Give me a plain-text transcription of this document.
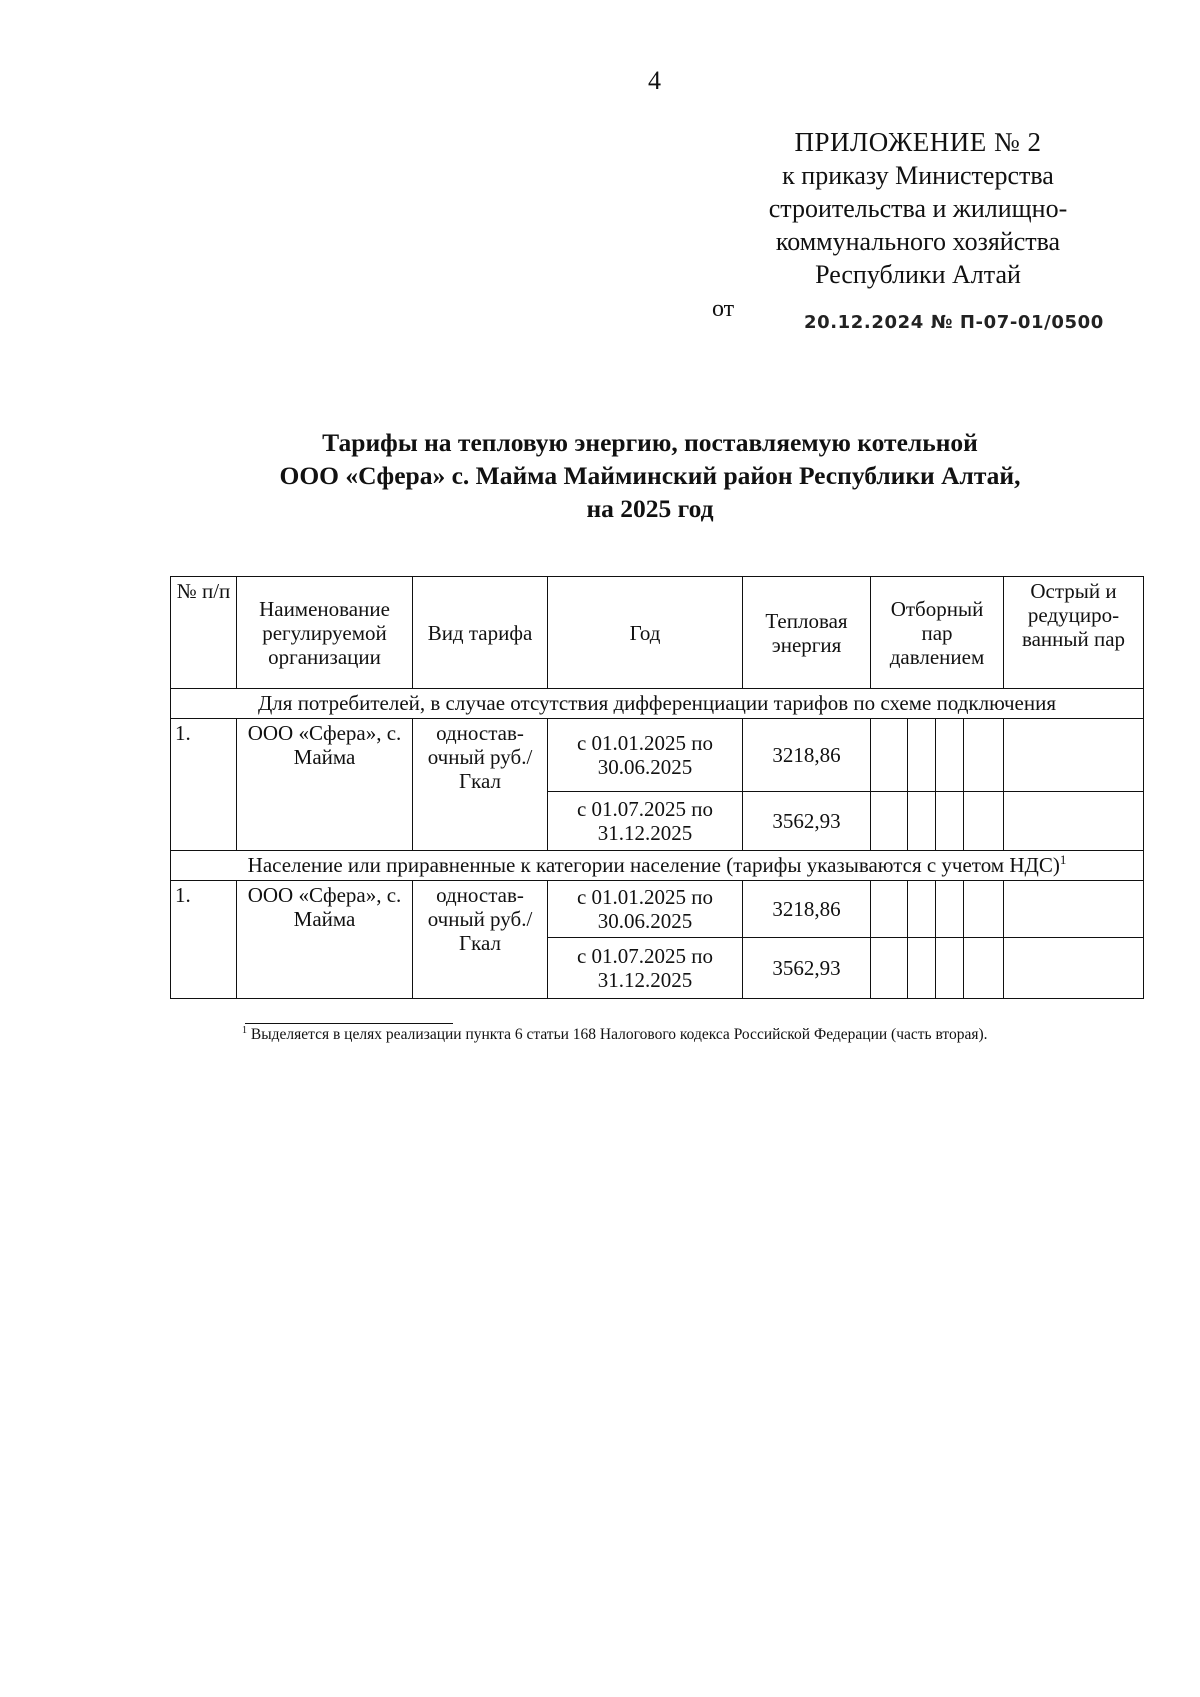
4
ПРИЛОЖЕНИЕ № 2
к приказу Министерства
строительства и жилищно-
коммунального хозяйства
Республики Алтай
от
20.12.2024 № П-07-01/0500
Тарифы на тепловую энергию, поставляемую котельной
ООО «Сфера» с. Майма Майминский район Республики Алтай,
на 2025 год
№ п/п	Наименование регулируемой организации	Вид тарифа	Год	Тепловая энергия	Отборный пар давлением				Острый и редуциро-ванный пар
Для потребителей, в случае отсутствия дифференциации тарифов по схеме подключения									
1.	ООО «Сфера», с. Майма	одностав-очный руб./Гкал	с 01.01.2025 по 30.06.2025	3218,86					
			с 01.07.2025 по 31.12.2025	3562,93					
Население или приравненные к категории население (тарифы указываются с учетом НДС)$^1$
1.	ООО «Сфера», с. Майма	одностав-очный руб./Гкал	с 01.01.2025 по 30.06.2025	3218,86					
			с 01.07.2025 по 31.12.2025	3562,93					
$^1$ Выделяется в целях реализации пункта 6 статьи 168 Налогового кодекса Российской Федерации (часть вторая).
